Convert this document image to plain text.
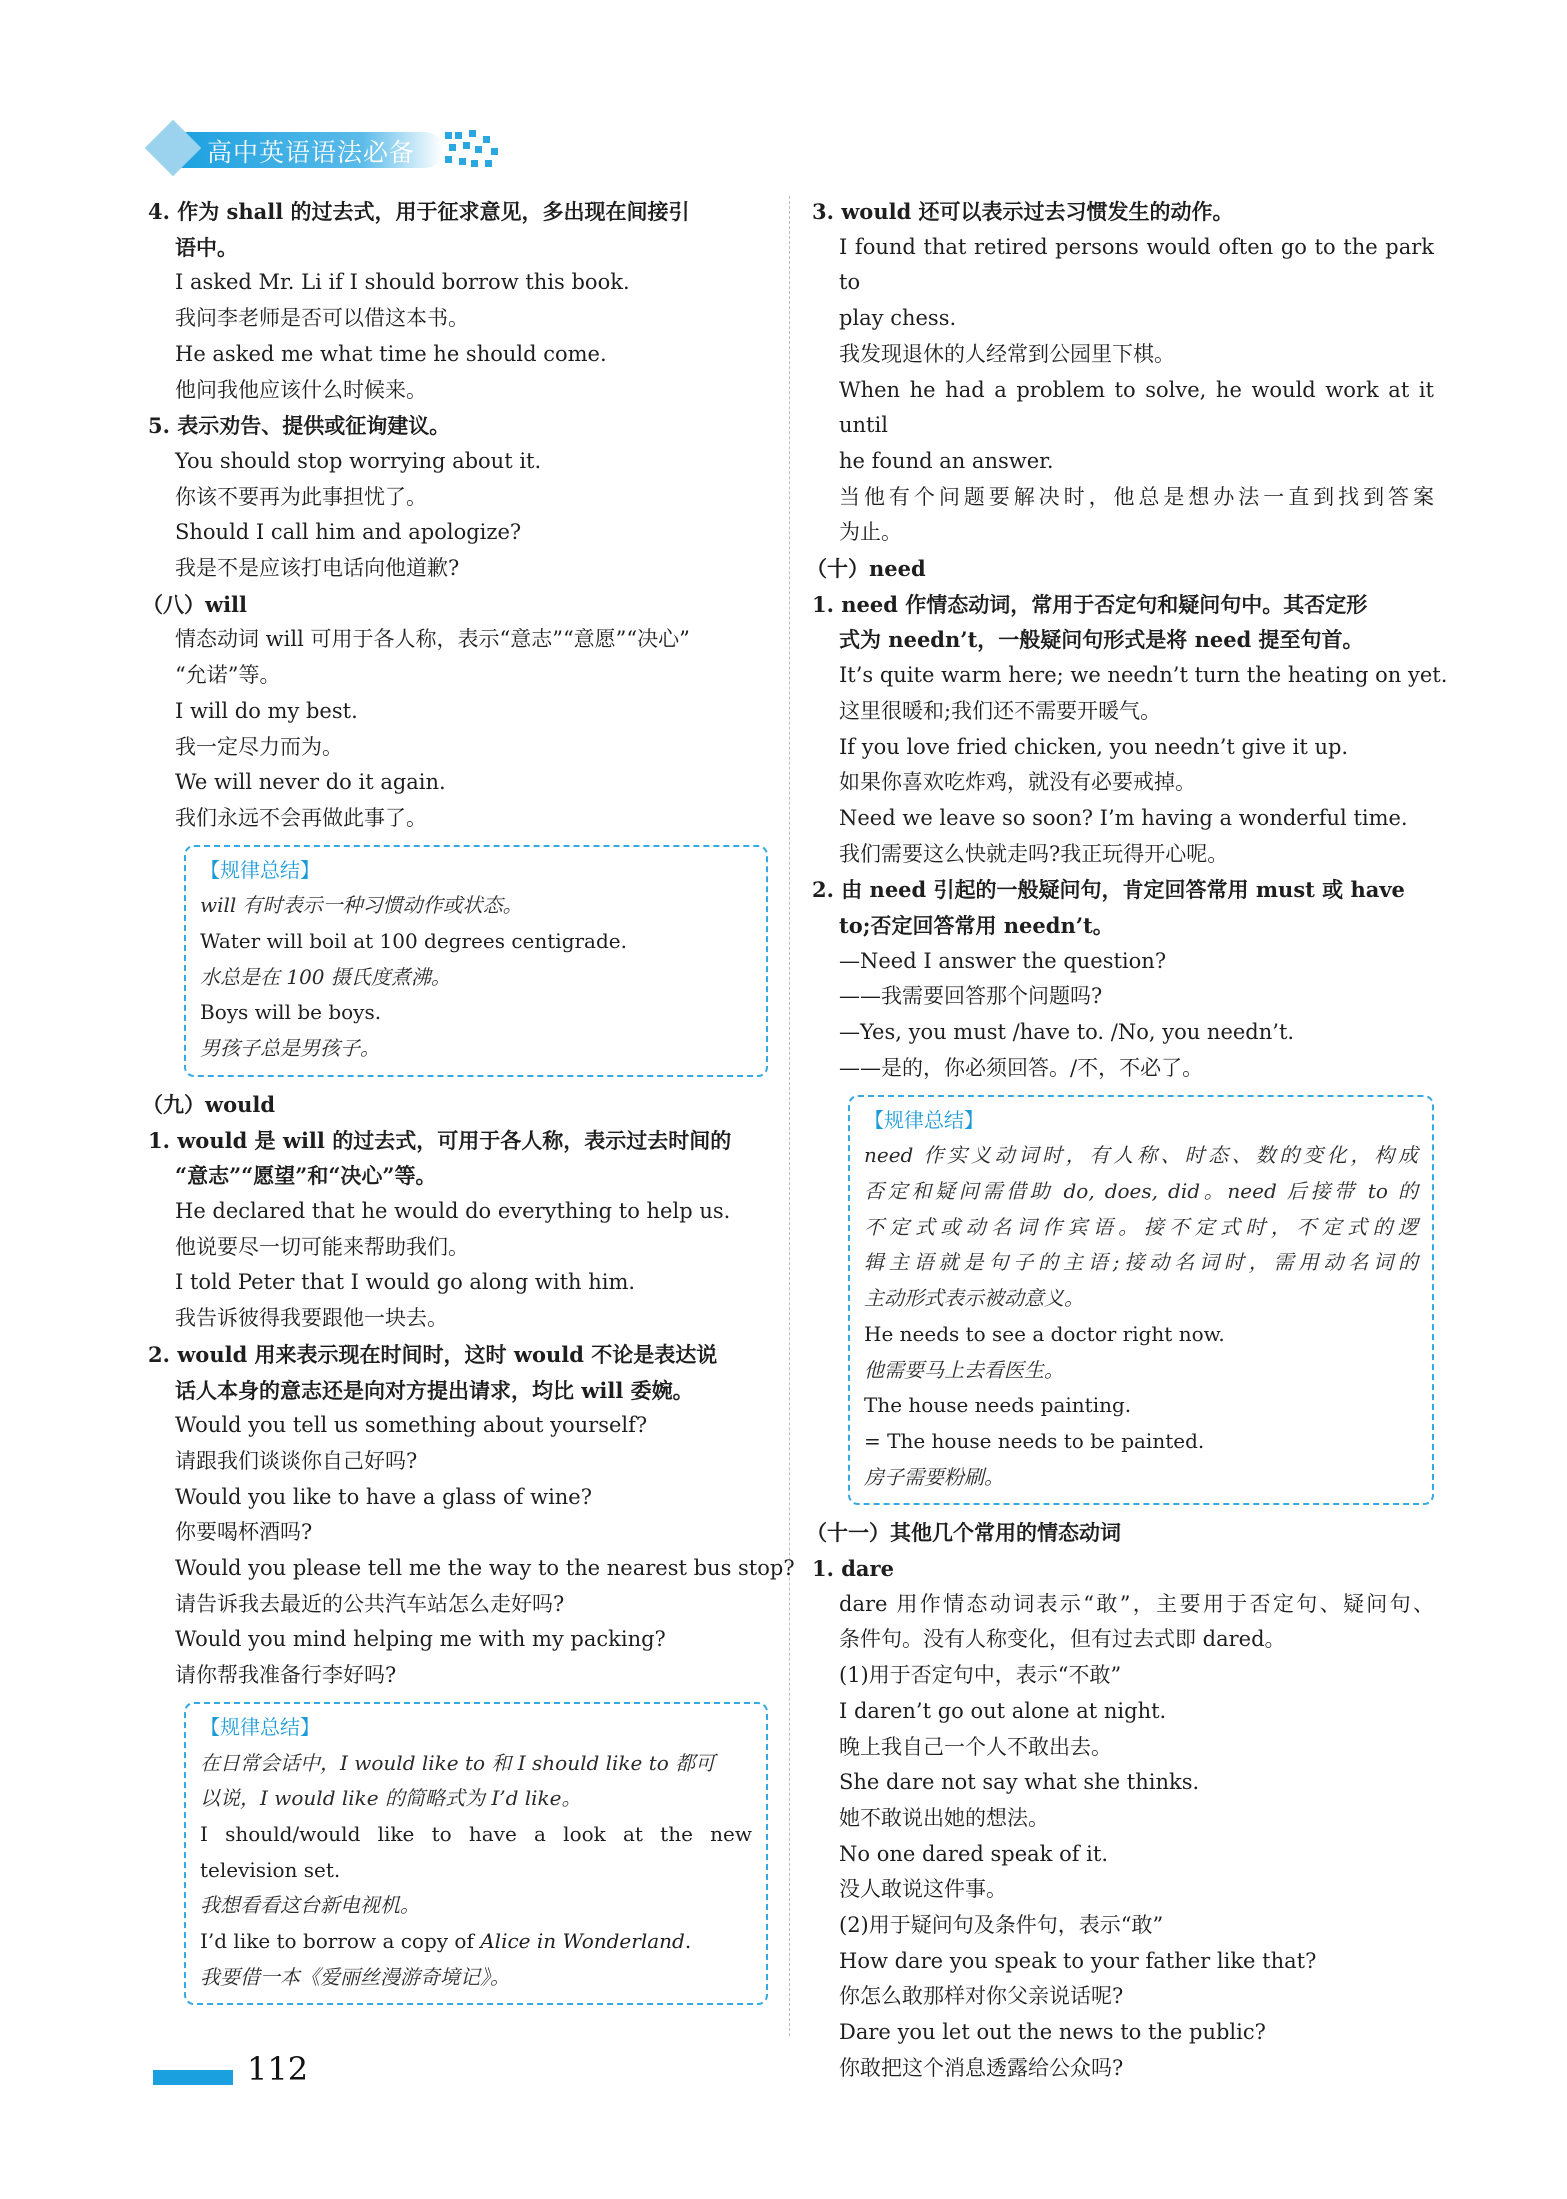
高中英语语法必备
4. 作为 shall 的过去式，用于征求意见，多出现在间接引
语中。
I asked Mr. Li if I should borrow this book.
我问李老师是否可以借这本书。
He asked me what time he should come.
他问我他应该什么时候来。
5. 表示劝告、提供或征询建议。
You should stop worrying about it.
你该不要再为此事担忧了。
Should I call him and apologize?
我是不是应该打电话向他道歉?
（八）will
情态动词 will 可用于各人称，表示“意志”“意愿”“决心”
“允诺”等。
I will do my best.
我一定尽力而为。
We will never do it again.
我们永远不会再做此事了。
【规律总结】
will 有时表示一种习惯动作或状态。
Water will boil at 100 degrees centigrade.
水总是在 100 摄氏度煮沸。
Boys will be boys.
男孩子总是男孩子。
（九）would
1. would 是 will 的过去式，可用于各人称，表示过去时间的
“意志”“愿望”和“决心”等。
He declared that he would do everything to help us.
他说要尽一切可能来帮助我们。
I told Peter that I would go along with him.
我告诉彼得我要跟他一块去。
2. would 用来表示现在时间时，这时 would 不论是表达说
话人本身的意志还是向对方提出请求，均比 will 委婉。
Would you tell us something about yourself?
请跟我们谈谈你自己好吗?
Would you like to have a glass of wine?
你要喝杯酒吗?
Would you please tell me the way to the nearest bus stop?
请告诉我去最近的公共汽车站怎么走好吗?
Would you mind helping me with my packing?
请你帮我准备行李好吗?
【规律总结】
在日常会话中，I would like to 和 I should like to 都可
以说，I would like 的简略式为 I’d like。
I should/would like to have a look at the new
television set.
我想看看这台新电视机。
I’d like to borrow a copy of Alice in Wonderland.
我要借一本《爱丽丝漫游奇境记》。
3. would 还可以表示过去习惯发生的动作。
I found that retired persons would often go to the park to
play chess.
我发现退休的人经常到公园里下棋。
When he had a problem to solve, he would work at it until
he found an answer.
当他有个问题要解决时，他总是想办法一直到找到答案
为止。
（十）need
1. need 作情态动词，常用于否定句和疑问句中。其否定形
式为 needn’t，一般疑问句形式是将 need 提至句首。
It’s quite warm here; we needn’t turn the heating on yet.
这里很暖和;我们还不需要开暖气。
If you love fried chicken, you needn’t give it up.
如果你喜欢吃炸鸡，就没有必要戒掉。
Need we leave so soon? I’m having a wonderful time.
我们需要这么快就走吗?我正玩得开心呢。
2. 由 need 引起的一般疑问句，肯定回答常用 must 或 have
to;否定回答常用 needn’t。
—Need I answer the question?
——我需要回答那个问题吗?
—Yes, you must /have to. /No, you needn’t.
——是的，你必须回答。/不，不必了。
【规律总结】
need 作实义动词时，有人称、时态、数的变化，构成
否定和疑问需借助 do, does, did。need 后接带 to 的
不定式或动名词作宾语。接不定式时，不定式的逻
辑主语就是句子的主语;接动名词时，需用动名词的
主动形式表示被动意义。
He needs to see a doctor right now.
他需要马上去看医生。
The house needs painting.
= The house needs to be painted.
房子需要粉刷。
（十一）其他几个常用的情态动词
1. dare
dare 用作情态动词表示“敢”，主要用于否定句、疑问句、
条件句。没有人称变化，但有过去式即 dared。
(1)用于否定句中，表示“不敢”
I daren’t go out alone at night.
晚上我自己一个人不敢出去。
She dare not say what she thinks.
她不敢说出她的想法。
No one dared speak of it.
没人敢说这件事。
(2)用于疑问句及条件句，表示“敢”
How dare you speak to your father like that?
你怎么敢那样对你父亲说话呢?
Dare you let out the news to the public?
你敢把这个消息透露给公众吗?
112
